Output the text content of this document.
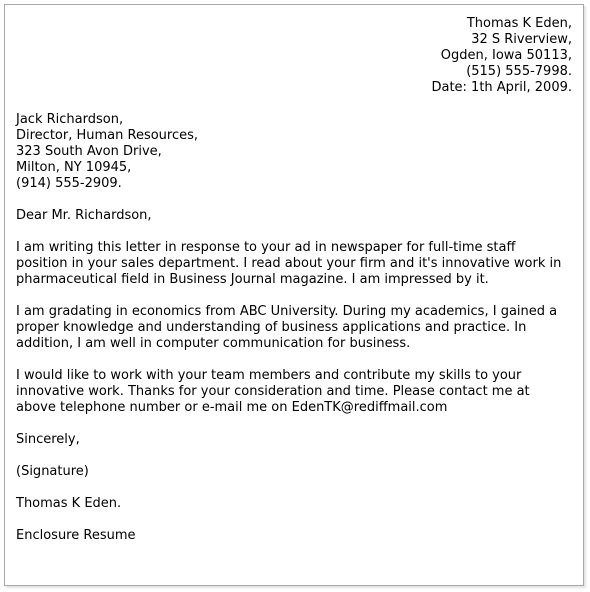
Thomas K Eden,
32 S Riverview,
Ogden, Iowa 50113,
(515) 555-7998.
Date: 1th April, 2009.
Jack Richardson,
Director, Human Resources,
323 South Avon Drive,
Milton, NY 10945,
(914) 555-2909.
Dear Mr. Richardson,
I am writing this letter in response to your ad in newspaper for full-time staff
position in your sales department. I read about your firm and it's innovative work in
pharmaceutical field in Business Journal magazine. I am impressed by it.
I am gradating in economics from ABC University. During my academics, I gained a
proper knowledge and understanding of business applications and practice. In
addition, I am well in computer communication for business.
I would like to work with your team members and contribute my skills to your
innovative work. Thanks for your consideration and time. Please contact me at
above telephone number or e-mail me on EdenTK@rediffmail.com
Sincerely,
(Signature)
Thomas K Eden.
Enclosure Resume
